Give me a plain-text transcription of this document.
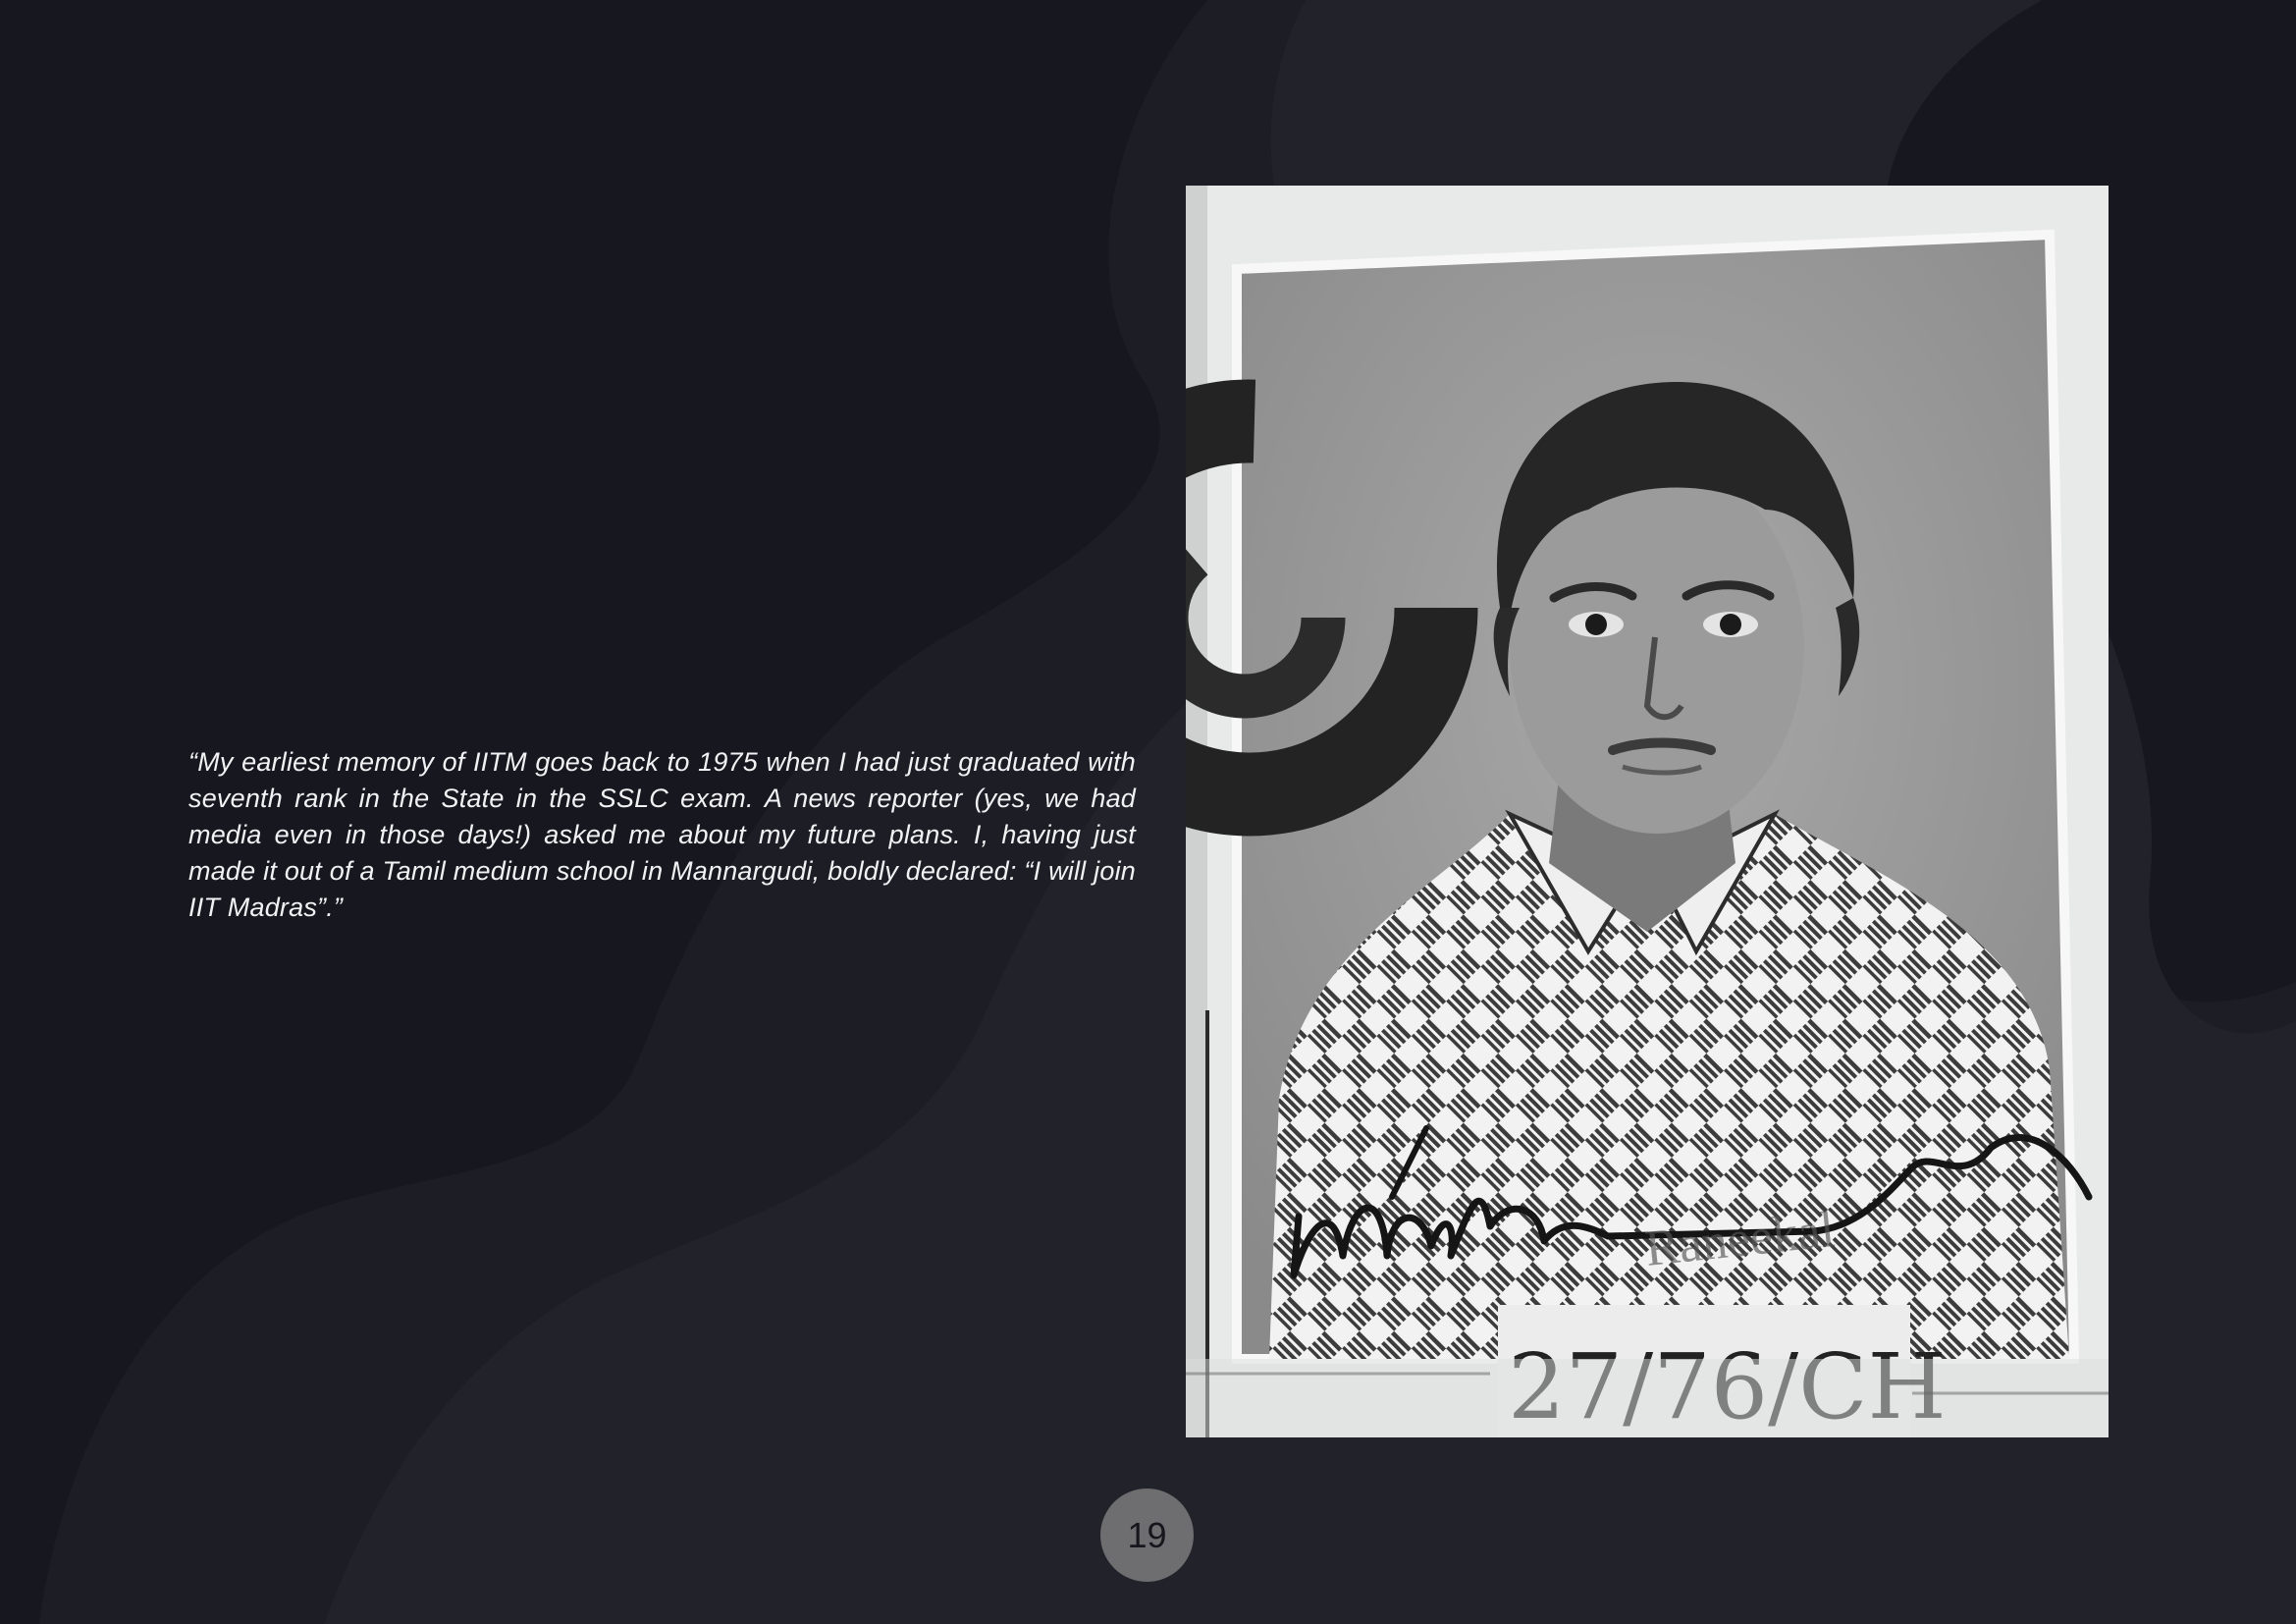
“My earliest memory of IITM goes back to 1975 when I had just graduated with seventh rank in the State in the SSLC exam. A news reporter (yes, we had media even in those days!) asked me about my future plans. I, having just made it out of a Tamil medium school in Mannargudi, boldly declared: “I will join IIT Madras”.”

Raneekal
19
